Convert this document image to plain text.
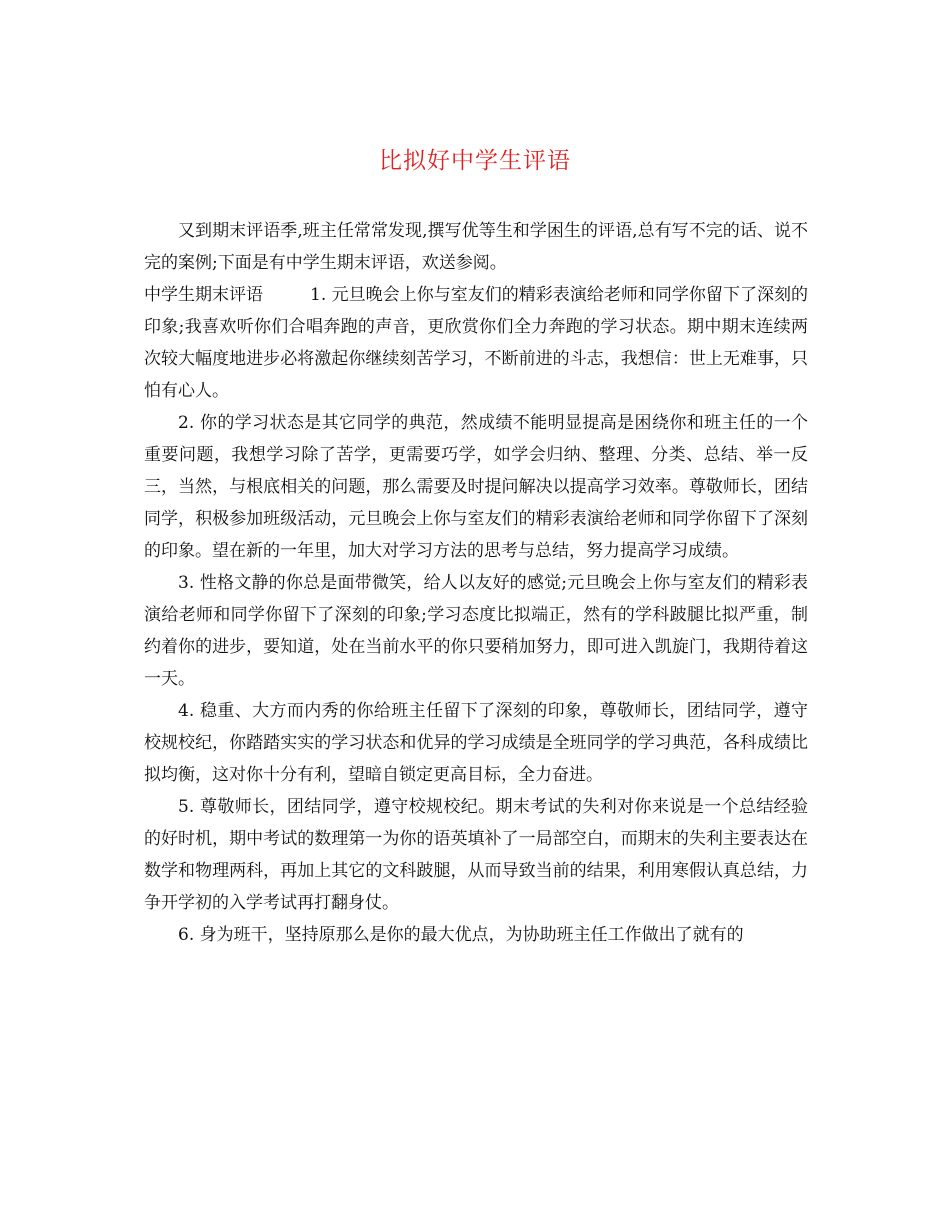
比拟好中学生评语

又到期末评语季,班主任常常发现,撰写优等生和学困生的评语,总有写不完的话、说不完的案例;下面是有中学生期末评语，欢送参阅。

中学生期末评语	1. 元旦晚会上你与室友们的精彩表演给老师和同学你留下了深刻的印象;我喜欢听你们合唱奔跑的声音，更欣赏你们全力奔跑的学习状态。期中期末连续两次较大幅度地进步必将激起你继续刻苦学习，不断前进的斗志，我想信：世上无难事，只怕有心人。

2. 你的学习状态是其它同学的典范，然成绩不能明显提高是困绕你和班主任的一个重要问题，我想学习除了苦学，更需要巧学，如学会归纳、整理、分类、总结、举一反三，当然，与根底相关的问题，那么需要及时提问解决以提高学习效率。尊敬师长，团结同学，积极参加班级活动，元旦晚会上你与室友们的精彩表演给老师和同学你留下了深刻的印象。望在新的一年里，加大对学习方法的思考与总结，努力提高学习成绩。

3. 性格文静的你总是面带微笑，给人以友好的感觉;元旦晚会上你与室友们的精彩表演给老师和同学你留下了深刻的印象;学习态度比拟端正，然有的学科跛腿比拟严重，制约着你的进步，要知道，处在当前水平的你只要稍加努力，即可进入凯旋门，我期待着这一天。

4. 稳重、大方而内秀的你给班主任留下了深刻的印象，尊敬师长，团结同学，遵守校规校纪，你踏踏实实的学习状态和优异的学习成绩是全班同学的学习典范，各科成绩比拟均衡，这对你十分有利，望暗自锁定更高目标，全力奋进。

5. 尊敬师长，团结同学，遵守校规校纪。期末考试的失利对你来说是一个总结经验的好时机，期中考试的数理第一为你的语英填补了一局部空白，而期末的失利主要表达在数学和物理两科，再加上其它的文科跛腿，从而导致当前的结果，利用寒假认真总结，力争开学初的入学考试再打翻身仗。

6. 身为班干，坚持原那么是你的最大优点，为协助班主任工作做出了就有的
